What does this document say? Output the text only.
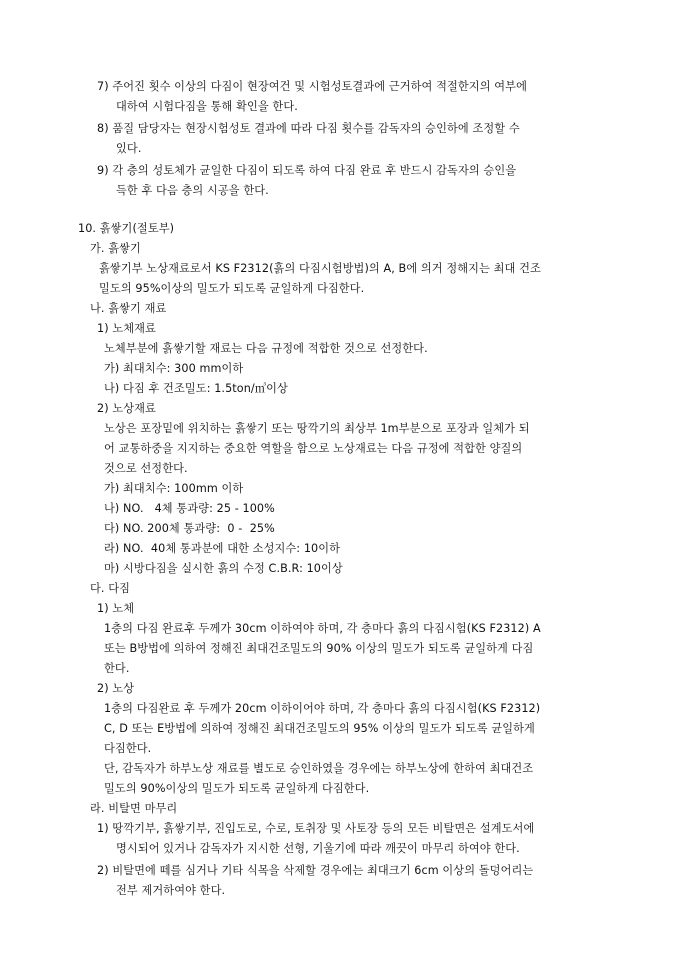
7) 주어진 횟수 이상의 다짐이 현장여건 및 시험성토결과에 근거하여 적절한지의 여부에
대하여 시험다짐을 통해 확인을 한다.
8) 품질 담당자는 현장시험성토 결과에 따라 다짐 횟수를 감독자의 승인하에 조정할 수
있다.
9) 각 층의 성토체가 균일한 다짐이 되도록 하여 다짐 완료 후 반드시 감독자의 승인을
득한 후 다음 층의 시공을 한다.
10. 흙쌓기(절토부)
가. 흙쌓기
흙쌓기부 노상재료로서 KS F2312(흙의 다짐시험방법)의 A, B에 의거 정해지는 최대 건조
밀도의 95%이상의 밀도가 되도록 균일하게 다짐한다.
나. 흙쌓기 재료
1) 노체재료
노체부분에 흙쌓기할 재료는 다음 규정에 적합한 것으로 선정한다.
가) 최대치수: 300 mm이하
나) 다짐 후 건조밀도: 1.5ton/㎥이상
2) 노상재료
노상은 포장밑에 위치하는 흙쌓기 또는 땅깍기의 최상부 1m부분으로 포장과 일체가 되
어 교통하중을 지지하는 중요한 역할을 함으로 노상재료는 다음 규정에 적합한 양질의
것으로 선정한다.
가) 최대치수: 100mm 이하
나) NO.   4체 통과량: 25 - 100%
다) NO. 200체 통과량:  0 -  25%
라) NO.  40체 통과분에 대한 소성지수: 10이하
마) 시방다짐을 실시한 흙의 수정 C.B.R: 10이상
다. 다짐
1) 노체
1층의 다짐 완료후 두께가 30cm 이하여야 하며, 각 층마다 흙의 다짐시험(KS F2312) A
또는 B방법에 의하여 정해진 최대건조밀도의 90% 이상의 밀도가 되도록 균일하게 다짐
한다.
2) 노상
1층의 다짐완료 후 두께가 20cm 이하이어야 하며, 각 층마다 흙의 다짐시험(KS F2312)
C, D 또는 E방법에 의하여 정해진 최대건조밀도의 95% 이상의 밀도가 되도록 균일하게
다짐한다.
단, 감독자가 하부노상 재료를 별도로 승인하였을 경우에는 하부노상에 한하여 최대건조
밀도의 90%이상의 밀도가 되도록 균일하게 다짐한다.
라. 비탈면 마무리
1) 땅깍기부, 흙쌓기부, 진입도로, 수로, 토취장 및 사토장 등의 모든 비탈면은 설계도서에
명시되어 있거나 감독자가 지시한 선형, 기울기에 따라 깨끗이 마무리 하여야 한다.
2) 비탈면에 떼를 심거나 기타 식목을 삭제할 경우에는 최대크기 6cm 이상의 돌덩어리는
전부 제거하여야 한다.
